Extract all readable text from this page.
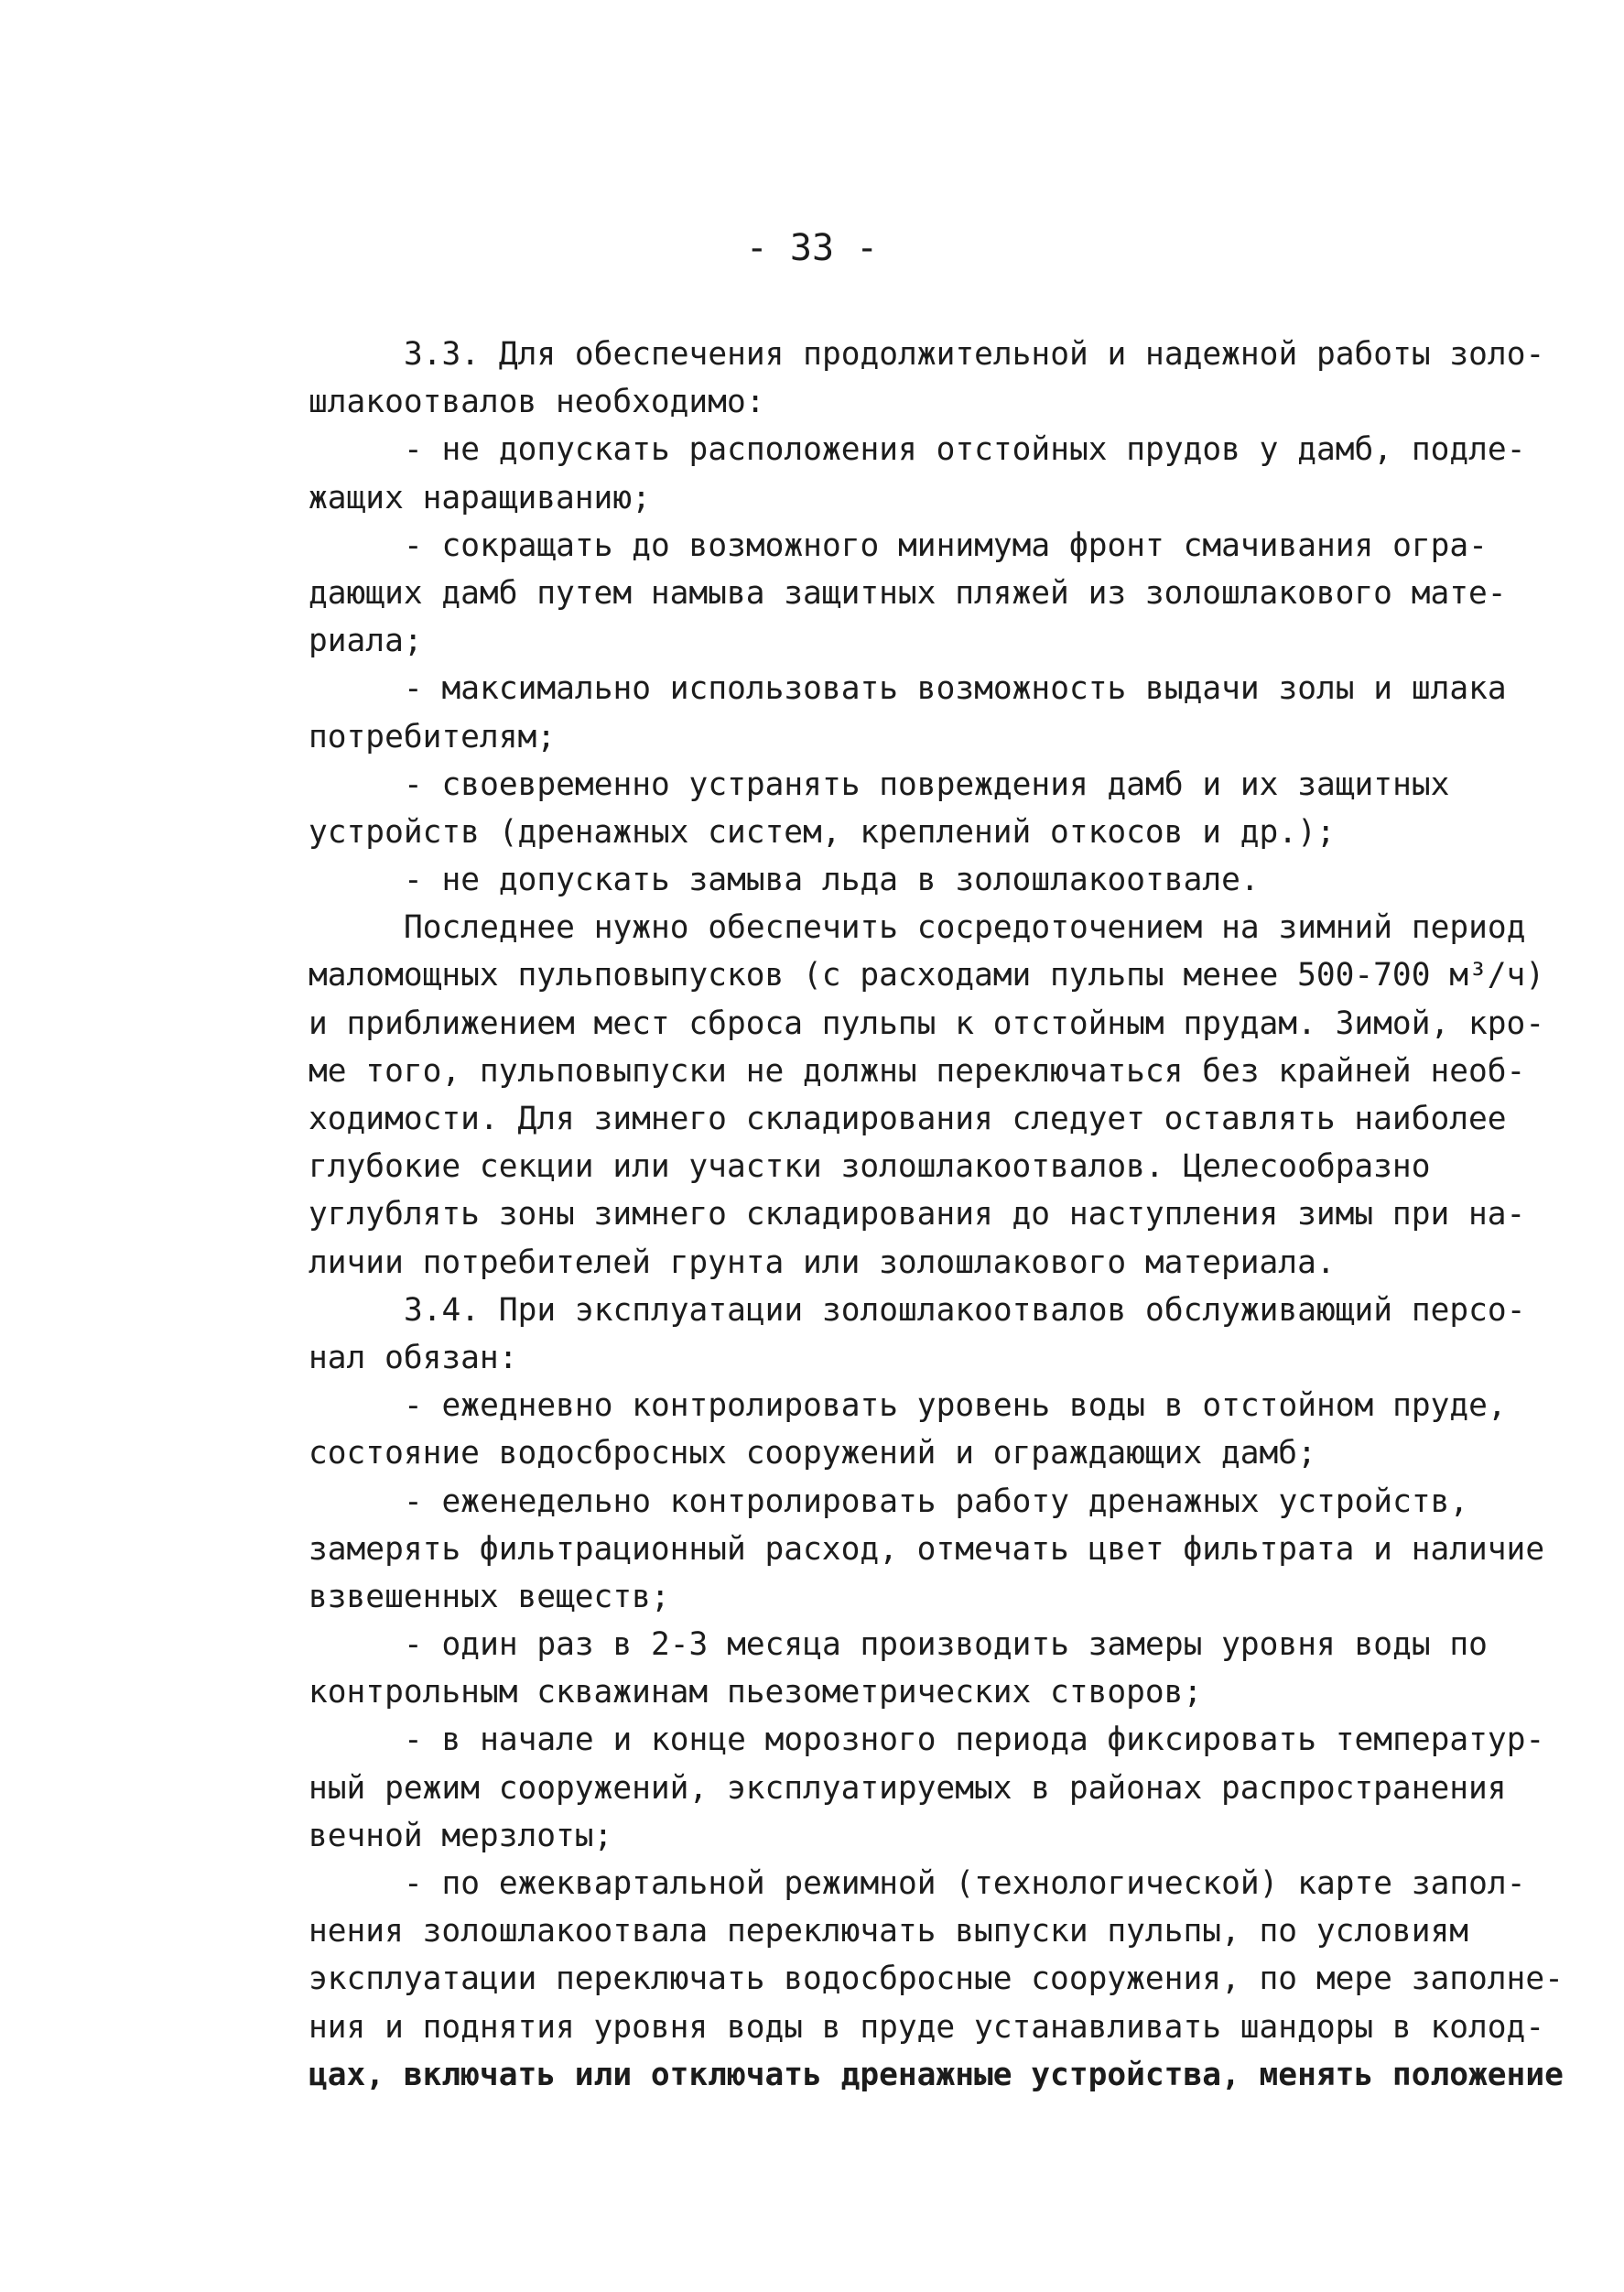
- 33 -
3.3. Для обеспечения продолжительной и надежной работы золо-
шлакоотвалов необходимо:
- не допускать расположения отстойных прудов у дамб, подле-
жащих наращиванию;
- сокращать до возможного минимума фронт смачивания огра-
дающих дамб путем намыва защитных пляжей из золошлакового мате-
риала;
- максимально использовать возможность выдачи золы и шлака
потребителям;
- своевременно устранять повреждения дамб и их защитных
устройств (дренажных систем, креплений откосов и др.);
- не допускать замыва льда в золошлакоотвале.
Последнее нужно обеспечить сосредоточением на зимний период
маломощных пульповыпусков (с расходами пульпы менее 500-700 м³/ч)
и приближением мест сброса пульпы к отстойным прудам. Зимой, кро-
ме того, пульповыпуски не должны переключаться без крайней необ-
ходимости. Для зимнего складирования следует оставлять наиболее
глубокие секции или участки золошлакоотвалов. Целесообразно
углублять зоны зимнего складирования до наступления зимы при на-
личии потребителей грунта или золошлакового материала.
3.4. При эксплуатации золошлакоотвалов обслуживающий персо-
нал обязан:
- ежедневно контролировать уровень воды в отстойном пруде,
состояние водосбросных сооружений и ограждающих дамб;
- еженедельно контролировать работу дренажных устройств,
замерять фильтрационный расход, отмечать цвет фильтрата и наличие
взвешенных веществ;
- один раз в 2-3 месяца производить замеры уровня воды по
контрольным скважинам пьезометрических створов;
- в начале и конце морозного периода фиксировать температур-
ный режим сооружений, эксплуатируемых в районах распространения
вечной мерзлоты;
- по ежеквартальной режимной (технологической) карте запол-
нения золошлакоотвала переключать выпуски пульпы, по условиям
эксплуатации переключать водосбросные сооружения, по мере заполне-
ния и поднятия уровня воды в пруде устанавливать шандоры в колод-
цах, включать или отключать дренажные устройства, менять положение
